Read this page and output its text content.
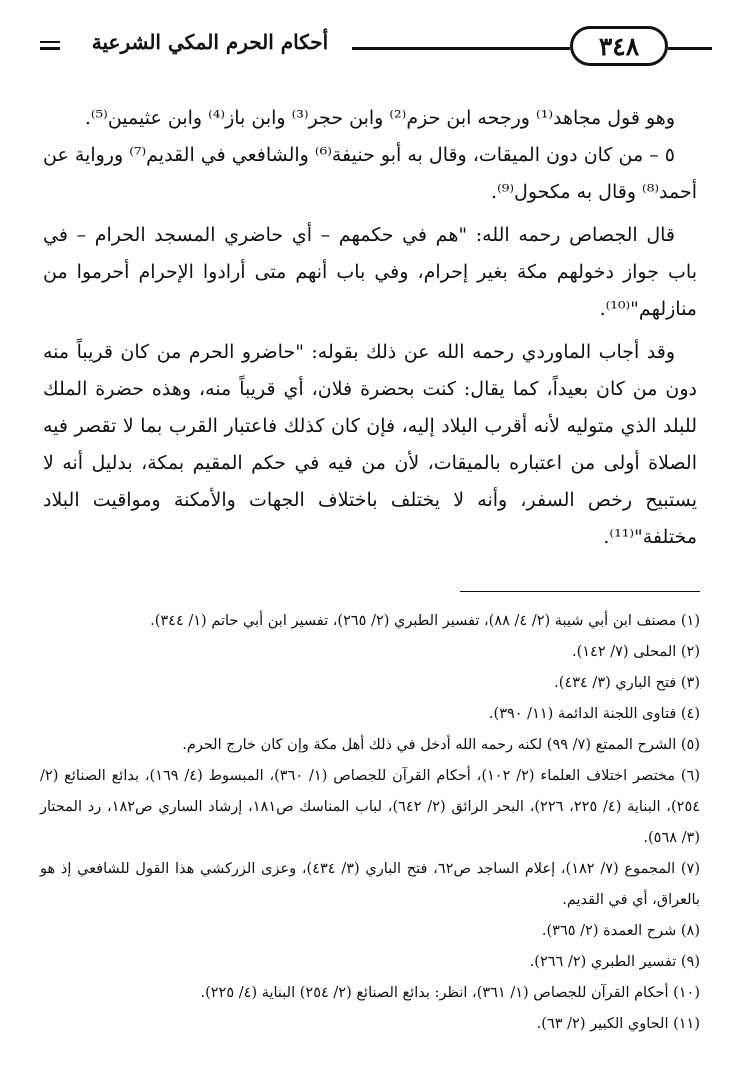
أحكام الحرم المكي الشرعية	٣٤٨

وهو قول مجاهد⁽¹⁾ ورجحه ابن حزم⁽²⁾ وابن حجر⁽³⁾ وابن باز⁽⁴⁾ وابن عثيمين⁽⁵⁾.

٥ – من كان دون الميقات، وقال به أبو حنيفة⁽⁶⁾ والشافعي في القديم⁽⁷⁾ ورواية عن أحمد⁽⁸⁾ وقال به مكحول⁽⁹⁾.

قال الجصاص رحمه الله: "هم في حكمهم – أي حاضري المسجد الحرام – في باب جواز دخولهم مكة بغير إحرام، وفي باب أنهم متى أرادوا الإحرام أحرموا من منازلهم"⁽¹⁰⁾.

وقد أجاب الماوردي رحمه الله عن ذلك بقوله: "حاضرو الحرم من كان قريباً منه دون من كان بعيداً، كما يقال: كنت بحضرة فلان، أي قريباً منه، وهذه حضرة الملك للبلد الذي متوليه لأنه أقرب البلاد إليه، فإن كان كذلك فاعتبار القرب بما لا تقصر فيه الصلاة أولى من اعتباره بالميقات، لأن من فيه في حكم المقيم بمكة، بدليل أنه لا يستبيح رخص السفر، وأنه لا يختلف باختلاف الجهات والأمكنة ومواقيت البلاد مختلفة"⁽¹¹⁾.

(١) مصنف ابن أبي شيبة (٢/ ٤/ ٨٨)، تفسير الطبري (٢/ ٢٦٥)، تفسير ابن أبي حاتم (١/ ٣٤٤).

(٢) المحلى (٧/ ١٤٢).

(٣) فتح الباري (٣/ ٤٣٤).

(٤) فتاوى اللجنة الدائمة (١١/ ٣٩٠).

(٥) الشرح الممتع (٧/ ٩٩) لكنه رحمه الله أدخل في ذلك أهل مكة وإن كان خارج الحرم.

(٦) مختصر اختلاف العلماء (٢/ ١٠٢)، أحكام القرآن للجصاص (١/ ٣٦٠)، المبسوط (٤/ ١٦٩)، بدائع الصنائع (٢/ ٢٥٤)، البناية (٤/ ٢٢٥، ٢٢٦)، البحر الرائق (٢/ ٦٤٢)، لباب المناسك ص١٨١، إرشاد الساري ص١٨٢، رد المحتار (٣/ ٥٦٨).

(٧) المجموع (٧/ ١٨٢)، إعلام الساجد ص٦٢، فتح الباري (٣/ ٤٣٤)، وعزى الزركشي هذا القول للشافعي إذ هو بالعراق، أي في القديم.

(٨) شرح العمدة (٢/ ٣٦٥).

(٩) تفسير الطبري (٢/ ٢٦٦).

(١٠) أحكام القرآن للجصاص (١/ ٣٦١)، انظر: بدائع الصنائع (٢/ ٢٥٤) البناية (٤/ ٢٢٥).

(١١) الحاوي الكبير (٢/ ٦٣).
